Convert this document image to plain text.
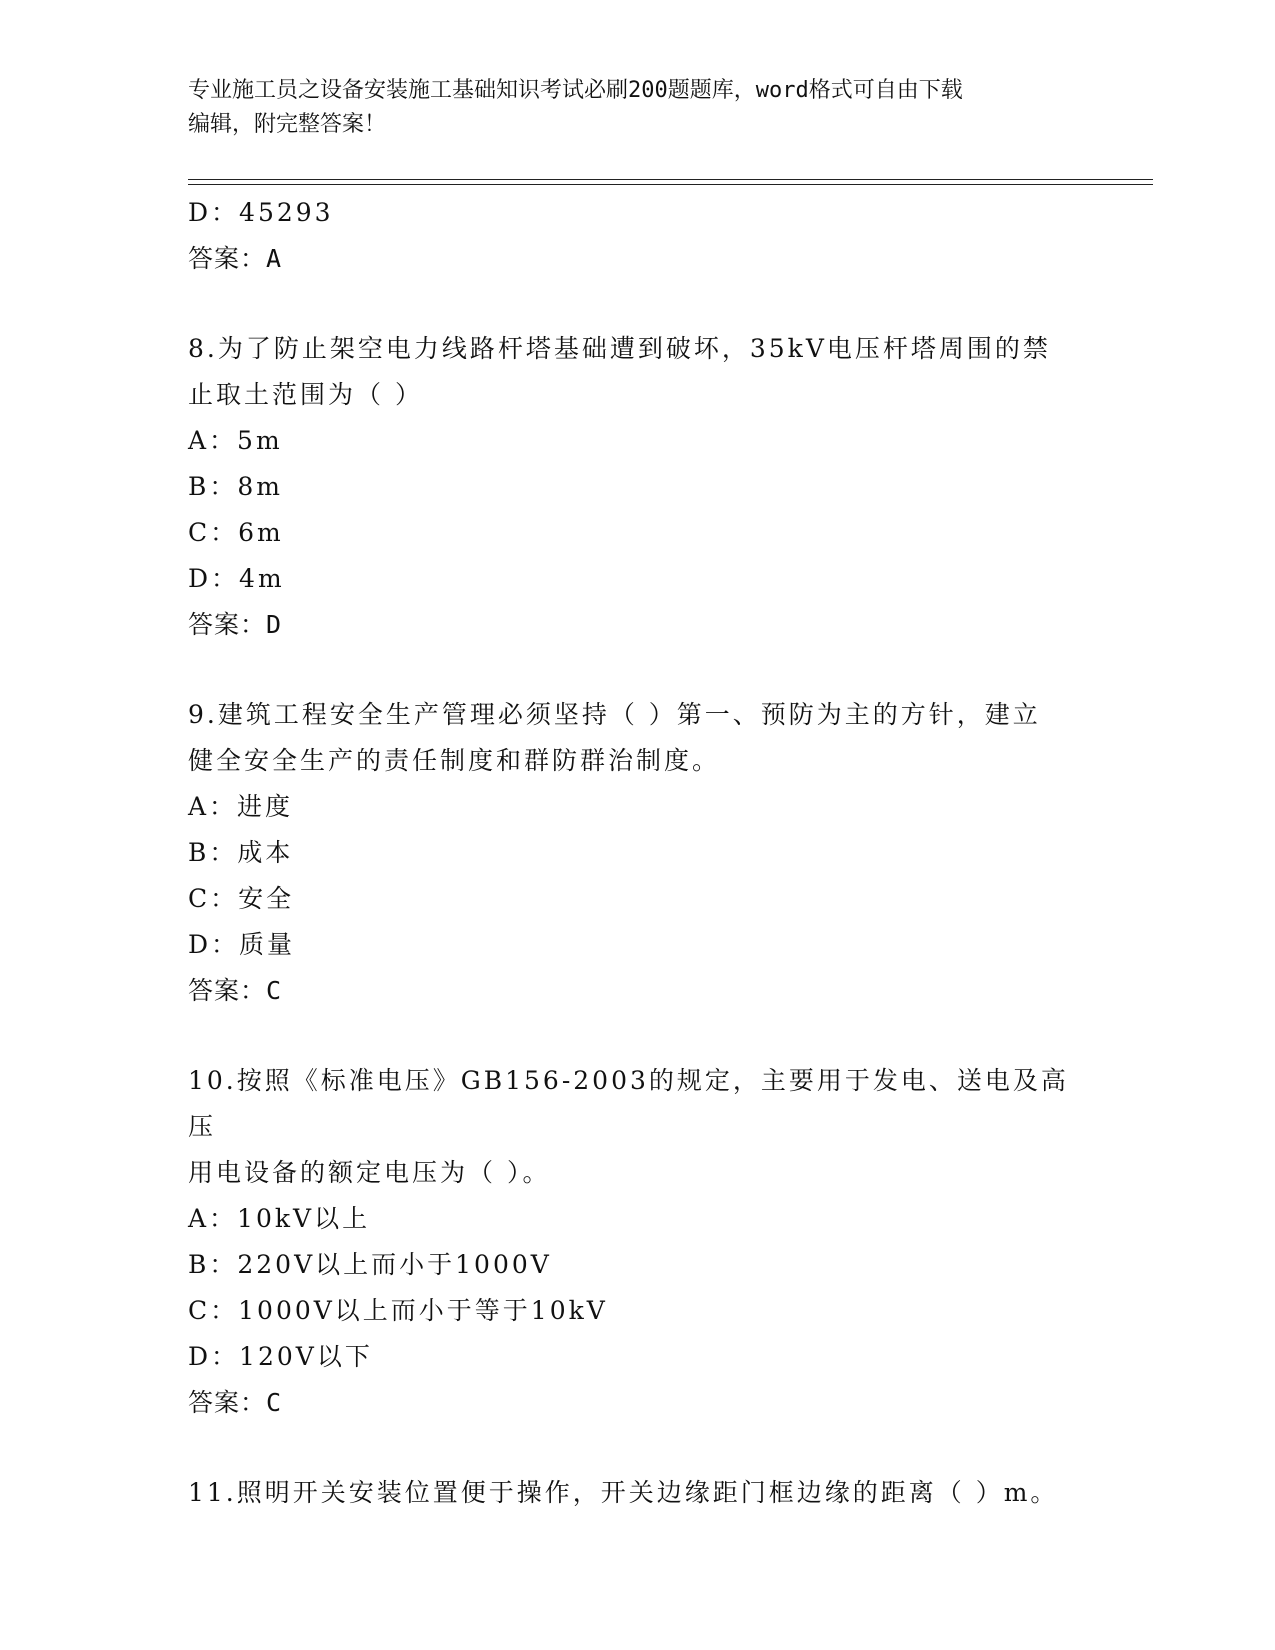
专业施工员之设备安装施工基础知识考试必刷200题题库，word格式可自由下载
编辑，附完整答案！
D：45293
答案：A
8.为了防止架空电力线路杆塔基础遭到破坏，35kV电压杆塔周围的禁
止取土范围为（ ）
A：5m
B：8m
C：6m
D：4m
答案：D
9.建筑工程安全生产管理必须坚持（ ）第一、预防为主的方针，建立
健全安全生产的责任制度和群防群治制度。
A：进度
B：成本
C：安全
D：质量
答案：C
10.按照《标准电压》GB156-2003的规定，主要用于发电、送电及高压
用电设备的额定电压为（ ）。
A：10kV以上
B：220V以上而小于1000V
C：1000V以上而小于等于10kV
D：120V以下
答案：C
11.照明开关安装位置便于操作，开关边缘距门框边缘的距离（ ）m。
